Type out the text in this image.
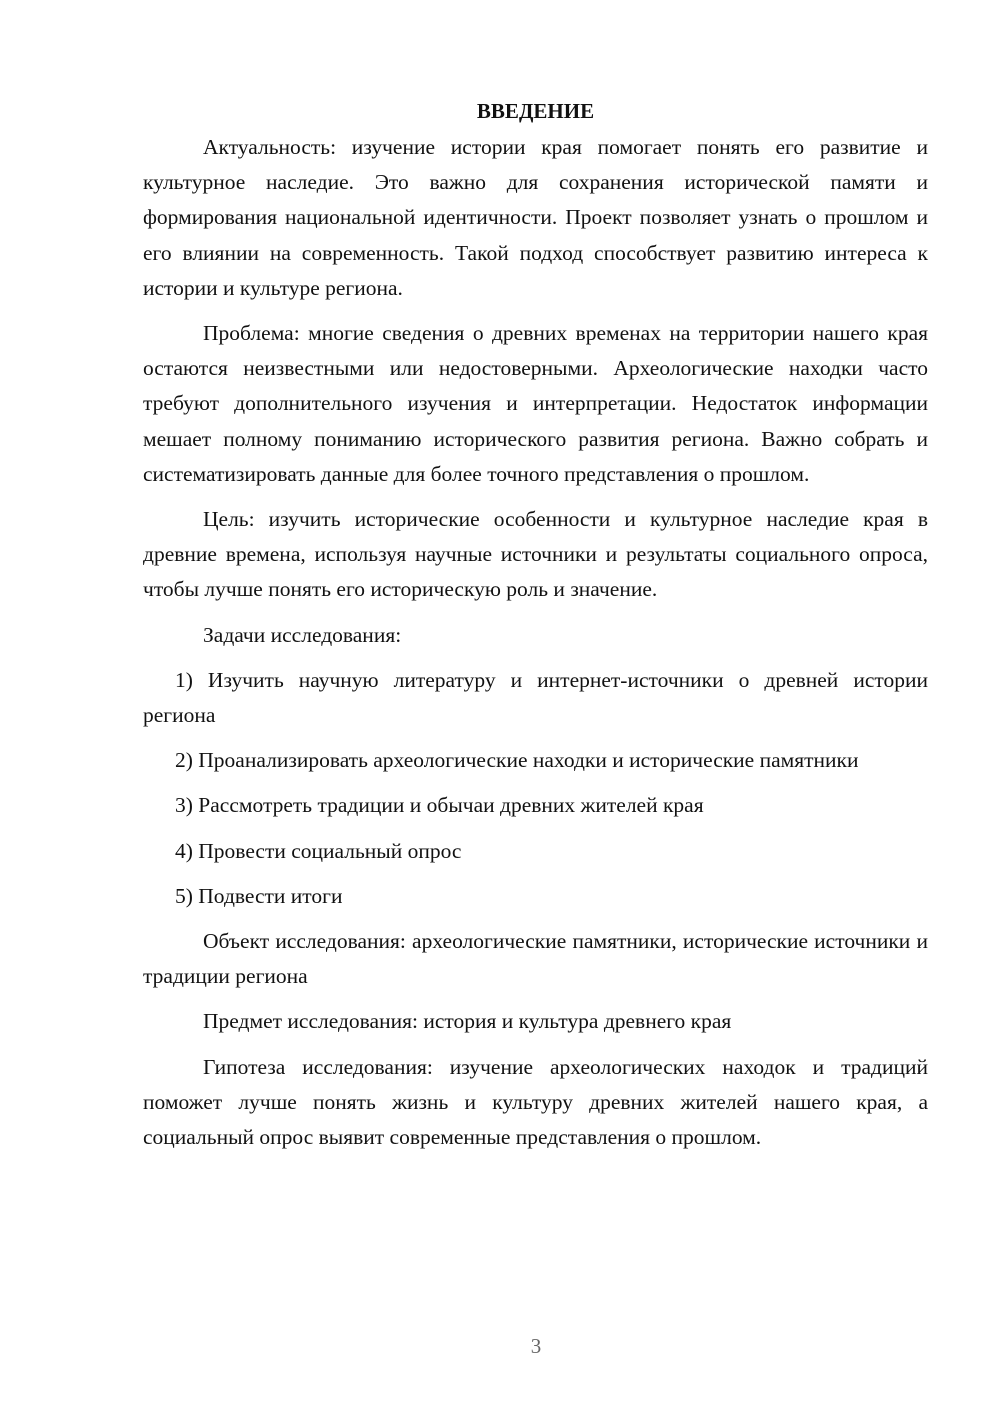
ВВЕДЕНИЕ

Актуальность: изучение истории края помогает понять его развитие и культурное наследие. Это важно для сохранения исторической памяти и формирования национальной идентичности. Проект позволяет узнать о прошлом и его влиянии на современность. Такой подход способствует развитию интереса к истории и культуре региона.

Проблема: многие сведения о древних временах на территории нашего края остаются неизвестными или недостоверными. Археологические находки часто требуют дополнительного изучения и интерпретации. Недостаток информации мешает полному пониманию исторического развития региона. Важно собрать и систематизировать данные для более точного представления о прошлом.

Цель: изучить исторические особенности и культурное наследие края в древние времена, используя научные источники и результаты социального опроса, чтобы лучше понять его историческую роль и значение.

Задачи исследования:

1) Изучить научную литературу и интернет-источники о древней истории региона

2) Проанализировать археологические находки и исторические памятники

3) Рассмотреть традиции и обычаи древних жителей края

4) Провести социальный опрос

5) Подвести итоги

Объект исследования: археологические памятники, исторические источники и традиции региона

Предмет исследования: история и культура древнего края

Гипотеза исследования: изучение археологических находок и традиций поможет лучше понять жизнь и культуру древних жителей нашего края, а социальный опрос выявит современные представления о прошлом.

3
